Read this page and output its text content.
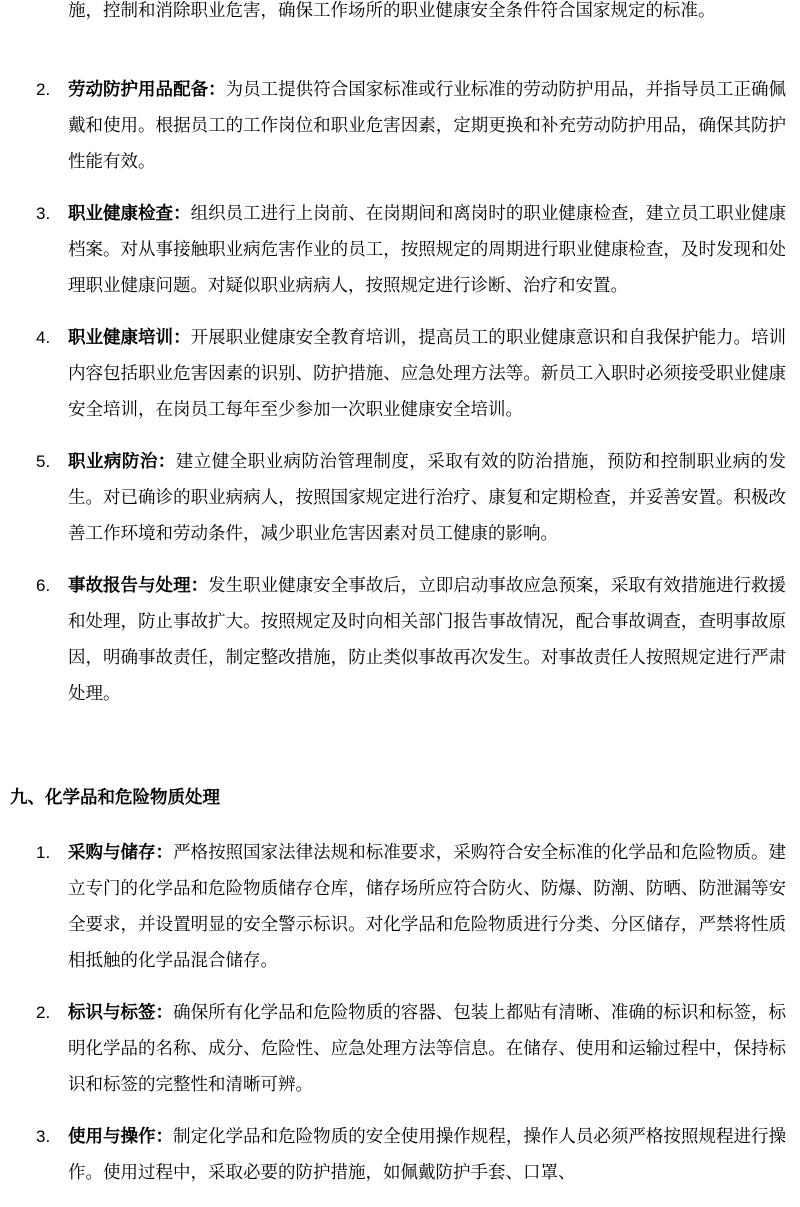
施，控制和消除职业危害，确保工作场所的职业健康安全条件符合国家规定的标准。
2. 劳动防护用品配备：为员工提供符合国家标准或行业标准的劳动防护用品，并指导员工正确佩戴和使用。根据员工的工作岗位和职业危害因素，定期更换和补充劳动防护用品，确保其防护性能有效。
3. 职业健康检查：组织员工进行上岗前、在岗期间和离岗时的职业健康检查，建立员工职业健康档案。对从事接触职业病危害作业的员工，按照规定的周期进行职业健康检查，及时发现和处理职业健康问题。对疑似职业病病人，按照规定进行诊断、治疗和安置。
4. 职业健康培训：开展职业健康安全教育培训，提高员工的职业健康意识和自我保护能力。培训内容包括职业危害因素的识别、防护措施、应急处理方法等。新员工入职时必须接受职业健康安全培训，在岗员工每年至少参加一次职业健康安全培训。
5. 职业病防治：建立健全职业病防治管理制度，采取有效的防治措施，预防和控制职业病的发生。对已确诊的职业病病人，按照国家规定进行治疗、康复和定期检查，并妥善安置。积极改善工作环境和劳动条件，减少职业危害因素对员工健康的影响。
6. 事故报告与处理：发生职业健康安全事故后，立即启动事故应急预案，采取有效措施进行救援和处理，防止事故扩大。按照规定及时向相关部门报告事故情况，配合事故调查，查明事故原因，明确事故责任，制定整改措施，防止类似事故再次发生。对事故责任人按照规定进行严肃处理。
九、化学品和危险物质处理
1. 采购与储存：严格按照国家法律法规和标准要求，采购符合安全标准的化学品和危险物质。建立专门的化学品和危险物质储存仓库，储存场所应符合防火、防爆、防潮、防晒、防泄漏等安全要求，并设置明显的安全警示标识。对化学品和危险物质进行分类、分区储存，严禁将性质相抵触的化学品混合储存。
2. 标识与标签：确保所有化学品和危险物质的容器、包装上都贴有清晰、准确的标识和标签，标明化学品的名称、成分、危险性、应急处理方法等信息。在储存、使用和运输过程中，保持标识和标签的完整性和清晰可辨。
3. 使用与操作：制定化学品和危险物质的安全使用操作规程，操作人员必须严格按照规程进行操作。使用过程中，采取必要的防护措施，如佩戴防护手套、口罩、
